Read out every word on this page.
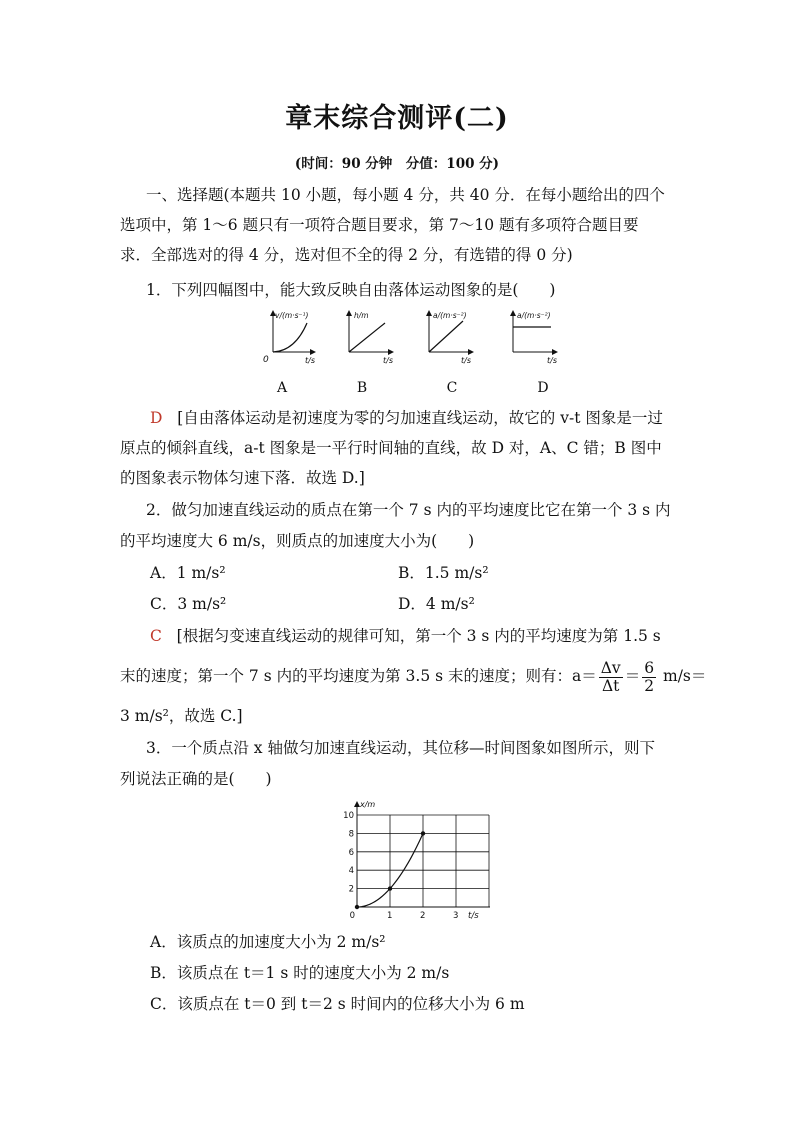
章末综合测评(二)
(时间：90 分钟　分值：100 分)
一、选择题(本题共 10 小题，每小题 4 分，共 40 分．在每小题给出的四个
选项中，第 1～6 题只有一项符合题目要求，第 7～10 题有多项符合题目要
求．全部选对的得 4 分，选对但不全的得 2 分，有选错的得 0 分)
1．下列四幅图中，能大致反映自由落体运动图象的是(　　)
v/(m·s⁻¹)
t/s
0
h/m
t/s
a/(m·s⁻²)
t/s
a/(m·s⁻²)
t/s
A	B	C	D
D [自由落体运动是初速度为零的匀加速直线运动，故它的 v-t 图象是一过
原点的倾斜直线，a-t 图象是一平行时间轴的直线，故 D 对，A、C 错；B 图中
的图象表示物体匀速下落．故选 D.]
2．做匀加速直线运动的质点在第一个 7 s 内的平均速度比它在第一个 3 s 内
的平均速度大 6 m/s，则质点的加速度大小为(　　)
A．1 m/s²	B．1.5 m/s²
C．3 m/s²	D．4 m/s²
C [根据匀变速直线运动的规律可知，第一个 3 s 内的平均速度为第 1.5 s
末的速度；第一个 7 s 内的平均速度为第 3.5 s 末的速度；则有：$a= \frac{\Delta v}{\Delta t} = \frac{6}{2} m/s=$
3 m/s²，故选 C.]
3．一个质点沿 x 轴做匀加速直线运动，其位移—时间图象如图所示，则下
列说法正确的是(　　)
0	1	2	3
2
4
6
8
10
x/m
t/s
A．该质点的加速度大小为 2 m/s²
B．该质点在 t＝1 s 时的速度大小为 2 m/s
C．该质点在 t＝0 到 t＝2 s 时间内的位移大小为 6 m
